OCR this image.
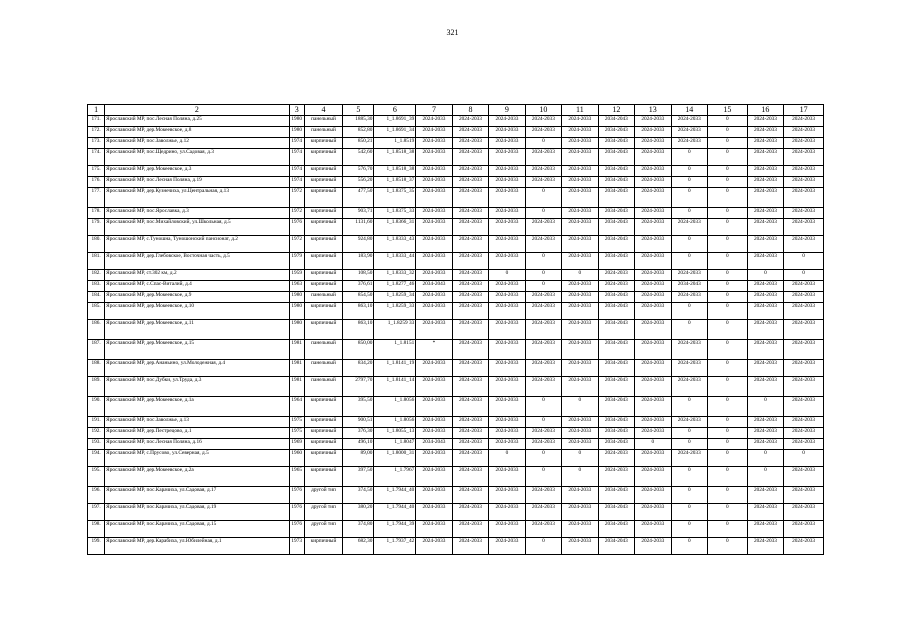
321
1	2	3	4	5	6	7	8	9	10	11	12	13	14	15	16	17
171.	Ярославский МР, пос.Лесная Поляна, д.25	1980	панельный	1885,30	1_1.8691_39	2024-2033	2024-2033	2024-2033	2024-2033	2024-2033	2034-2043	2024-2033	2024-2033	0	2024-2033	2024-2033
172.	Ярославский МР, дер.Мокеевское, д.8	1980	панельный	852,80	1_1.8691_34	2024-2033	2024-2033	2024-2033	2024-2033	2024-2033	2034-2043	2024-2033	2024-2033	0	2024-2033	2024-2033
173.	Ярославский МР, пос.Заволжье, д.12	1974	кирпичный	850,21	1_1.8519	2024-2033	2024-2033	2024-2033	0	2024-2033	2034-2043	2024-2033	2024-2033	0	2024-2033	2024-2033
174.	Ярославский МР, пос.Щедрино, ул.Садовая, д.3	1974	кирпичный	542,60	1_1.8518_38	2024-2033	2024-2033	2024-2033	2024-2033	2024-2033	2034-2043	2024-2033	0	0	2024-2033	2024-2033
175.	Ярославский МР, дер.Мокеевское, д.3	1974	кирпичный	576,70	1_1.8518_38	2024-2033	2024-2033	2024-2033	2024-2033	2024-2033	2034-2043	2024-2033	0	0	2024-2033	2024-2033
176.	Ярославский МР, пос.Лесная Поляна, д.19	1974	кирпичный	556,20	1_1.8518_37	2024-2033	2024-2033	2024-2033	2024-2033	2024-2033	2034-2043	2024-2033	0	0	2024-2033	2024-2033
177.	Ярославский МР, дер.Кузнечиха, ул.Центральная, д.13	1972	кирпичный	477,50	1_1.8375_35	2024-2033	2024-2033	2024-2033	0	2024-2033	2034-2043	2024-2033	0	0	2024-2033	2024-2033
178.	Ярославский МР, пос.Ярославка, д.3	1972	кирпичный	903,71	1_1.8375_33	2024-2033	2024-2033	2024-2033	0	2024-2033	2034-2043	2024-2033	0	0	2024-2033	2024-2033
179.	Ярославский МР, пос.Михайловский, ул.Школьная, д.5	1976	кирпичный	1131,60	1_1.8366_31	2024-2033	2024-2033	2024-2033	2024-2033	2024-2033	2034-2043	2024-2033	2024-2033	0	2024-2033	2024-2033
180.	Ярославский МР, с.Туношна, Туношонский пансионат, д.2	1972	кирпичный	924,80	1_1.8333_43	2024-2033	2024-2033	2024-2033	2024-2033	2024-2033	2034-2043	2024-2033	0	0	2024-2033	2024-2033
181.	Ярославский МР, дер.Глебовское, Восточная часть, д.5	1979	кирпичный	183,90	1_1.8333_44	2024-2033	2024-2033	2024-2033	0	2024-2033	2034-2043	2024-2033	0	0	2024-2033	0
182.	Ярославский МР, ст.302 км, д.2	1959	кирпичный	108,50	1_1.8333_32	2024-2033	2024-2033	0	0	0	2024-2033	2024-2033	2024-2033	0	0	0
183.	Ярославский МР, с.Спас-Виталий, д.4	1963	кирпичный	376,61	1_1.8277_46	2034-2043	2024-2033	2024-2033	0	2024-2033	2024-2033	2024-2033	2034-2043	0	2024-2033	2024-2033
184.	Ярославский МР, дер.Мокеевское, д.9	1980	панельный	854,50	1_1.8259_34	2024-2033	2024-2033	2024-2033	2024-2033	2024-2033	2034-2043	2024-2033	2024-2033	0	2024-2033	2024-2033
185.	Ярославский МР, дер.Мокеевское, д.10	1980	кирпичный	863,10	1_1.8259_33	2024-2033	2024-2033	2024-2033	2024-2033	2024-2033	2034-2043	2024-2033	0	0	2024-2033	2024-2033
186.	Ярославский МР, дер.Мокеевское, д.11	1980	кирпичный	863,10	1_1.8259 33	2024-2033	2024-2033	2024-2033	2024-2033	2024-2033	2034-2043	2024-2033	0	0	2024-2033	2024-2033
187.	Ярославский МР, дер.Мокеевское, д.15	1981	панельный	850,00	1_1.8151	*	2024-2033	2024-2033	2024-2033	2024-2033	2034-2043	2024-2033	2024-2033	0	2024-2033	2024-2033
188.	Ярославский МР, дер.Ананьино, ул.Молодежная, д.4	1981	панельный	834,20	1_1.8141_19	2024-2033	2024-2033	2024-2033	2024-2033	2024-2033	2034-2043	2024-2033	2024-2033	0	2024-2033	2024-2033
189.	Ярославский МР, пос.Дубки, ул.Труда, д.3	1981	панельный	2797,70	1_1.8141_14	2024-2033	2024-2033	2024-2033	2024-2033	2024-2033	2034-2043	2024-2033	2024-2033	0	2024-2033	2024-2033
190.	Ярославский МР, дер.Мокеевское, д.1а	1964	кирпичный	395,50	1_1.8056	2024-2033	2024-2033	2024-2033	0	0	2034-2043	2024-2033	0	0	0	2024-2033
191.	Ярославский МР, пос.Заволжье, д.13	1975	кирпичный	900,51	1_1.8056	2024-2033	2024-2033	2024-2033	0	2024-2033	2034-2043	2024-2033	2024-2033	0	2024-2033	2024-2033
192.	Ярославский МР, дер.Пестрецово, д.1	1975	кирпичный	376,30	1_1.8055_13	2024-2033	2024-2033	2024-2033	2024-2033	2024-2033	2034-2043	2024-2033	0	0	2024-2033	2024-2033
193.	Ярославский МР, пос.Лесная Поляна, д.16	1969	кирпичный	496,10	1_1.8047	2034-2043	2024-2033	2024-2033	2024-2033	2024-2033	2034-2043	0	0	0	2024-2033	2024-2033
194.	Ярославский МР, с.Прусово, ул.Северная, д.5	1960	кирпичный	89,00	1_1.8000_31	2024-2033	2024-2033	0	0	0	2024-2033	2024-2033	2024-2033	0	0	0
195.	Ярославский МР, дер.Мокеевское, д.2а	1965	кирпичный	397,50	1_1.7967	2024-2033	2024-2033	2024-2033	0	0	2024-2033	2024-2033	0	0	0	2024-2033
196.	Ярославский МР, пос.Карачиха, ул.Садовая, д.17	1976	другой тип	374,50	1_1.7944_40	2024-2033	2024-2033	2024-2033	2024-2033	2024-2033	2034-2043	2024-2033	0	0	2024-2033	2024-2033
197.	Ярославский МР, пос.Карачиха, ул.Садовая, д.19	1976	другой тип	380,20	1_1.7944_40	2024-2033	2024-2033	2024-2033	2024-2033	2024-2033	2034-2043	2024-2033	0	0	2024-2033	2024-2033
198.	Ярославский МР, пос.Карачиха, ул.Садовая, д.15	1976	другой тип	374,80	1_1.7944_39	2024-2033	2024-2033	2024-2033	2024-2033	2024-2033	2034-2043	2024-2033	0	0	2024-2033	2024-2033
199.	Ярославский МР, дер.Карабиха, ул.Юбилейная, д.1	1973	кирпичный	682,30	1_1.7937_42	2024-2033	2024-2033	2024-2033	0	2024-2033	2034-2043	2024-2033	0	0	2024-2033	2024-2033
